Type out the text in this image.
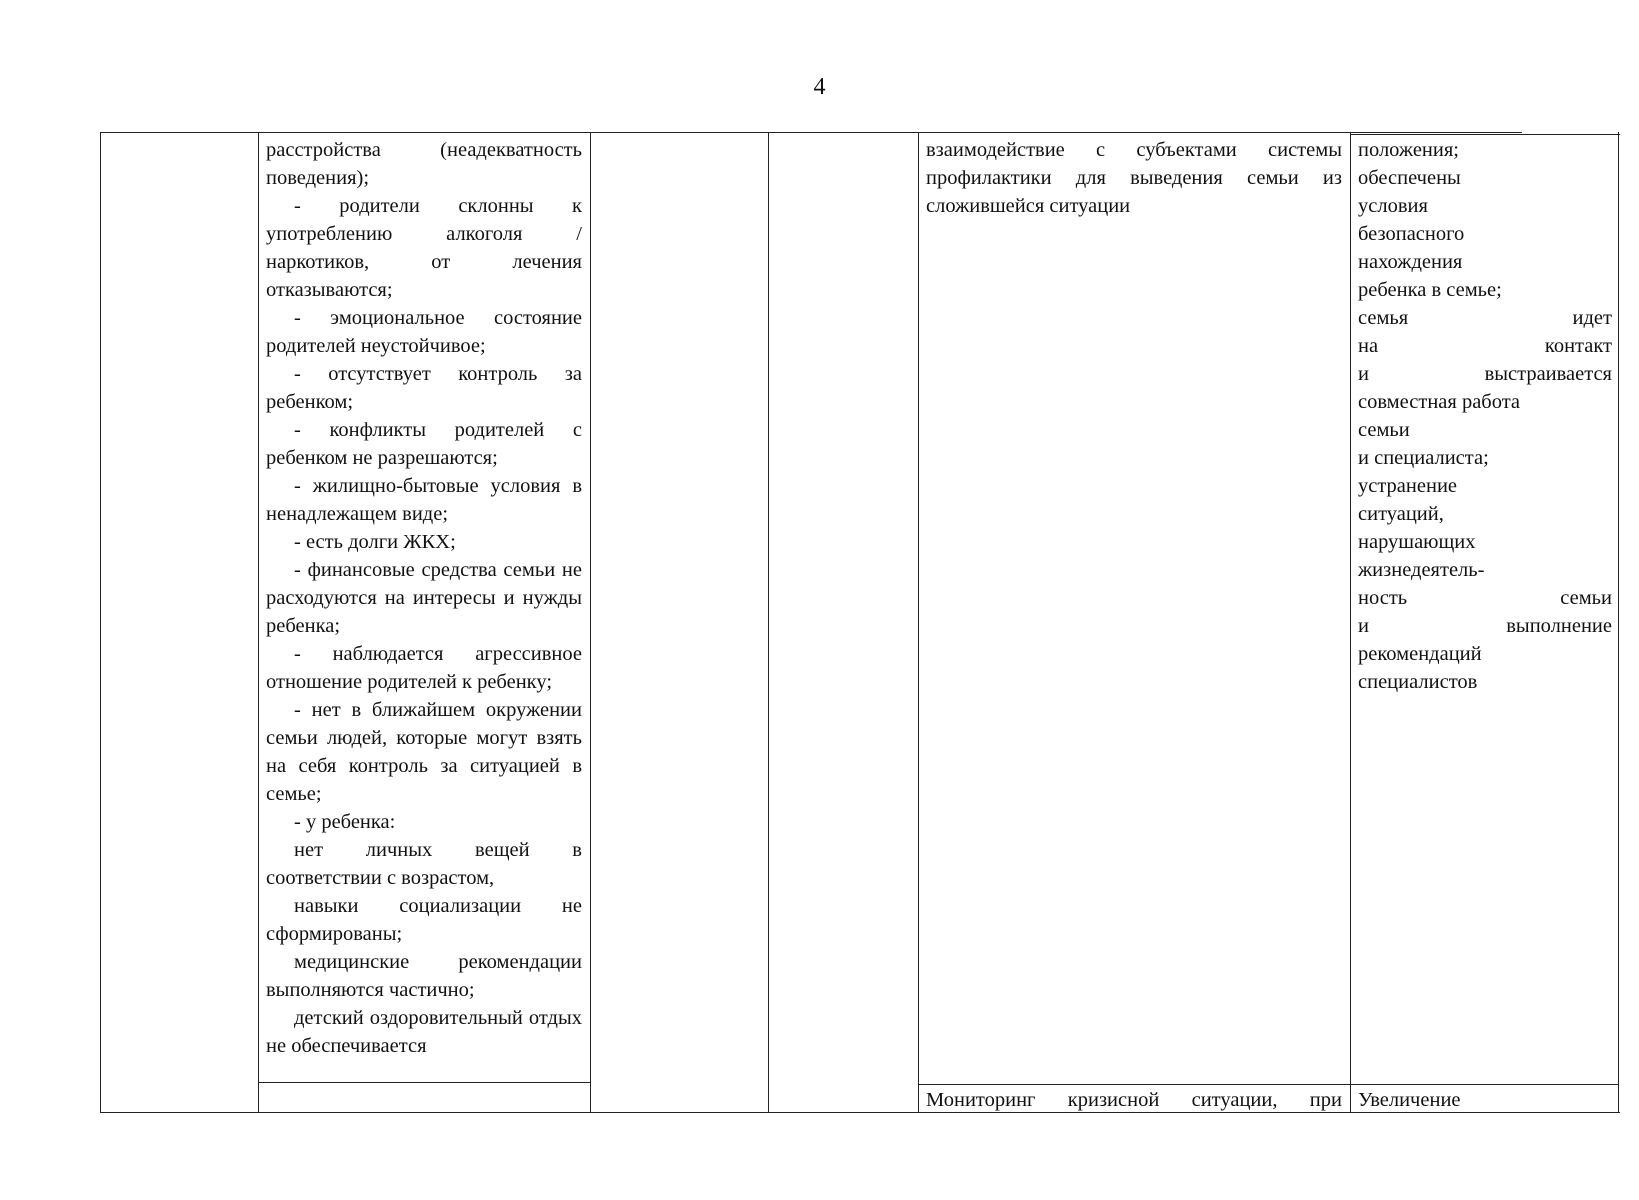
4

расстройства (неадекватность поведения);

- родители склонны к употреблению алкоголя / наркотиков, от лечения отказываются;

- эмоциональное состояние родителей неустойчивое;

- отсутствует контроль за ребенком;

- конфликты родителей с ребенком не разрешаются;

- жилищно-бытовые условия в ненадлежащем виде;

- есть долги ЖКХ;

- финансовые средства семьи не расходуются на интересы и нужды ребенка;

- наблюдается агрессивное отношение родителей к ребенку;

- нет в ближайшем окружении семьи людей, которые могут взять на себя контроль за ситуацией в семье;

- у ребенка:

нет личных вещей в соответствии с возрастом,

навыки социализации не сформированы;

медицинские рекомендации выполняются частично;

детский оздоровительный отдых не обеспечивается

взаимодействие с субъектами системы профилактики для выведения семьи из сложившейся ситуации

положения;

обеспечены

условия

безопасного

нахождения

ребенка в семье;

семья идет

на контакт

и выстраивается

совместная работа

семьи

и специалиста;

устранение

ситуаций,

нарушающих

жизнедеятель-

ность семьи

и выполнение

рекомендаций

специалистов

Мониторинг кризисной ситуации, при Увеличение
